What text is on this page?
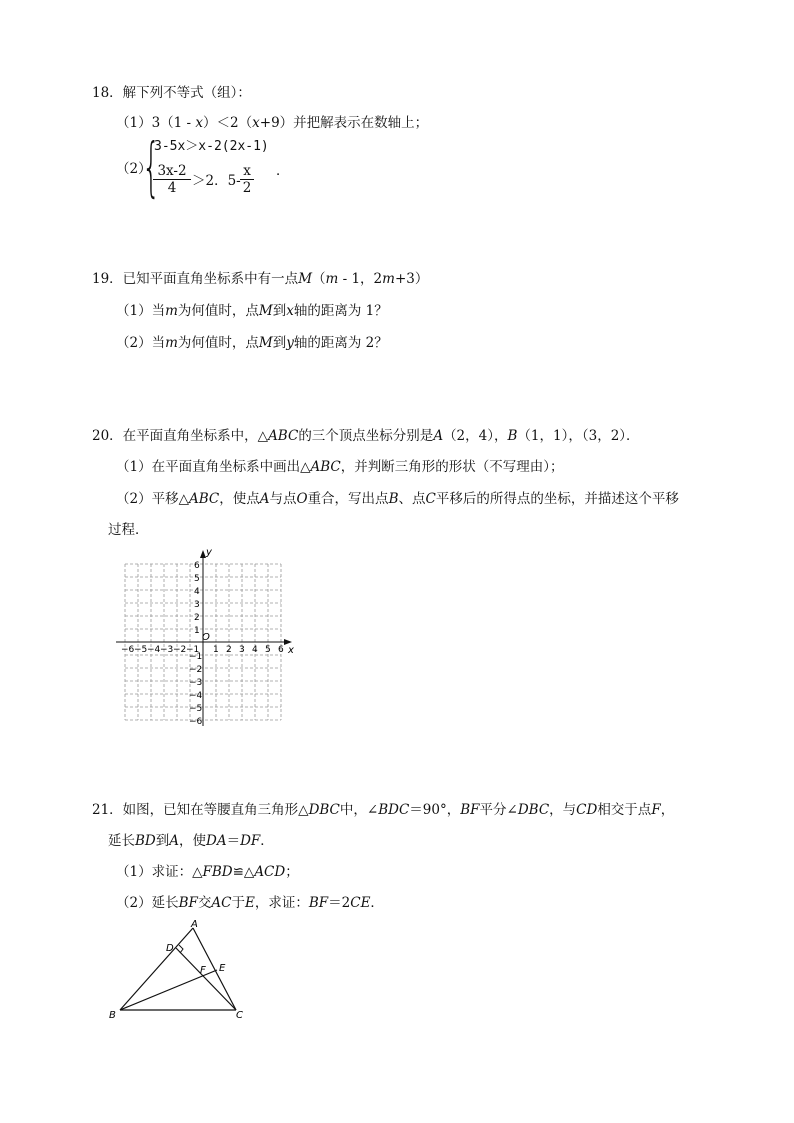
18．解下列不等式（组）：
（1）3（1 - x）＜2（x+9）并把解表示在数轴上；
（2）
{
3-5x＞x-2(2x-1)
$\frac{3x-2}{4} >2$．$5- \frac{x}{2}$ ．
19．已知平面直角坐标系中有一点M（m - 1，2m+3）
（1）当m为何值时，点M到x轴的距离为 1？
（2）当m为何值时，点M到y轴的距离为 2？
20．在平面直角坐标系中，△ABC的三个顶点坐标分别是A（2，4），B（1，1），（3，2）．
（1）在平面直角坐标系中画出△ABC，并判断三角形的形状（不写理由）；
（2）平移△ABC，使点A与点O重合，写出点B、点C平移后的所得点的坐标，并描述这个平移
过程．
x
y
O
−6 −5 −4 −3 −2 −1 1 2 3 4 5 6
1
2
3
4
5
6
−1
−2
−3
−4
−5
−6
21．如图，已知在等腰直角三角形△DBC中，∠BDC＝90°，BF平分∠DBC，与CD相交于点F，
延长BD到A，使DA＝DF．
（1）求证：△FBD≌△ACD；
（2）延长BF交AC于E，求证：BF＝2CE．
A
B	C
D
E
F
